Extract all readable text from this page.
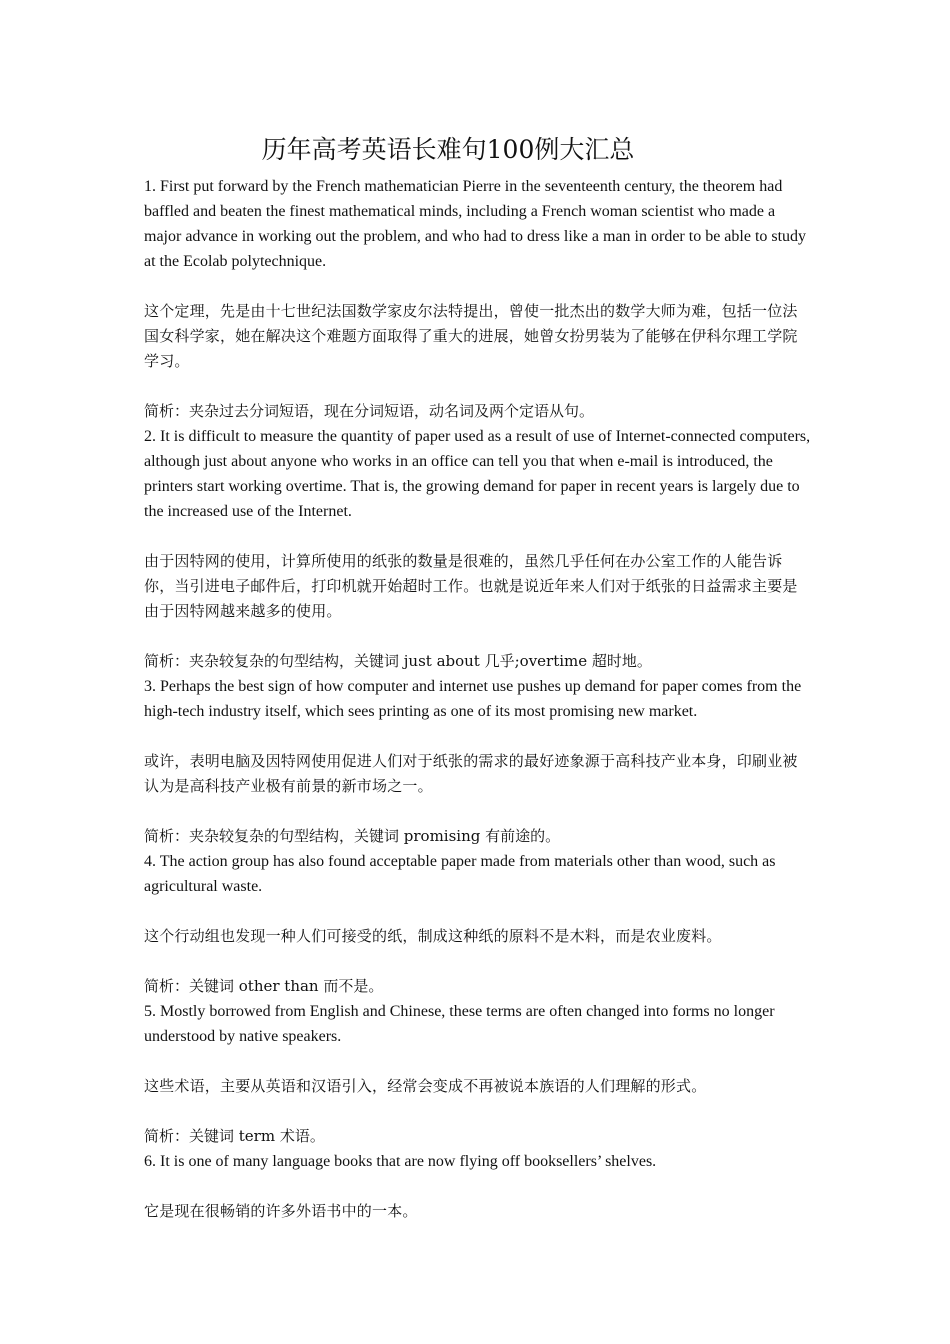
历年高考英语长难句100例大汇总

1. First put forward by the French mathematician Pierre in the seventeenth century, the theorem had baffled and beaten the finest mathematical minds, including a French woman scientist who made a major advance in working out the problem, and who had to dress like a man in order to be able to study at the Ecolab polytechnique.

这个定理，先是由十七世纪法国数学家皮尔法特提出，曾使一批杰出的数学大师为难，包括一位法国女科学家，她在解决这个难题方面取得了重大的进展，她曾女扮男装为了能够在伊科尔理工学院学习。

简析：夹杂过去分词短语，现在分词短语，动名词及两个定语从句。

2. It is difficult to measure the quantity of paper used as a result of use of Internet-connected computers, although just about anyone who works in an office can tell you that when e-mail is introduced, the printers start working overtime. That is, the growing demand for paper in recent years is largely due to the increased use of the Internet.

由于因特网的使用，计算所使用的纸张的数量是很难的，虽然几乎任何在办公室工作的人能告诉你，当引进电子邮件后，打印机就开始超时工作。也就是说近年来人们对于纸张的日益需求主要是由于因特网越来越多的使用。

简析：夹杂较复杂的句型结构，关键词 just about 几乎;overtime 超时地。

3. Perhaps the best sign of how computer and internet use pushes up demand for paper comes from the high-tech industry itself, which sees printing as one of its most promising new market.

或许，表明电脑及因特网使用促进人们对于纸张的需求的最好迹象源于高科技产业本身，印刷业被认为是高科技产业极有前景的新市场之一。

简析：夹杂较复杂的句型结构，关键词 promising 有前途的。

4. The action group has also found acceptable paper made from materials other than wood, such as agricultural waste.

这个行动组也发现一种人们可接受的纸，制成这种纸的原料不是木料，而是农业废料。

简析：关键词 other than 而不是。

5. Mostly borrowed from English and Chinese, these terms are often changed into forms no longer understood by native speakers.

这些术语，主要从英语和汉语引入，经常会变成不再被说本族语的人们理解的形式。

简析：关键词 term 术语。

6. It is one of many language books that are now flying off booksellers’ shelves.

它是现在很畅销的许多外语书中的一本。
